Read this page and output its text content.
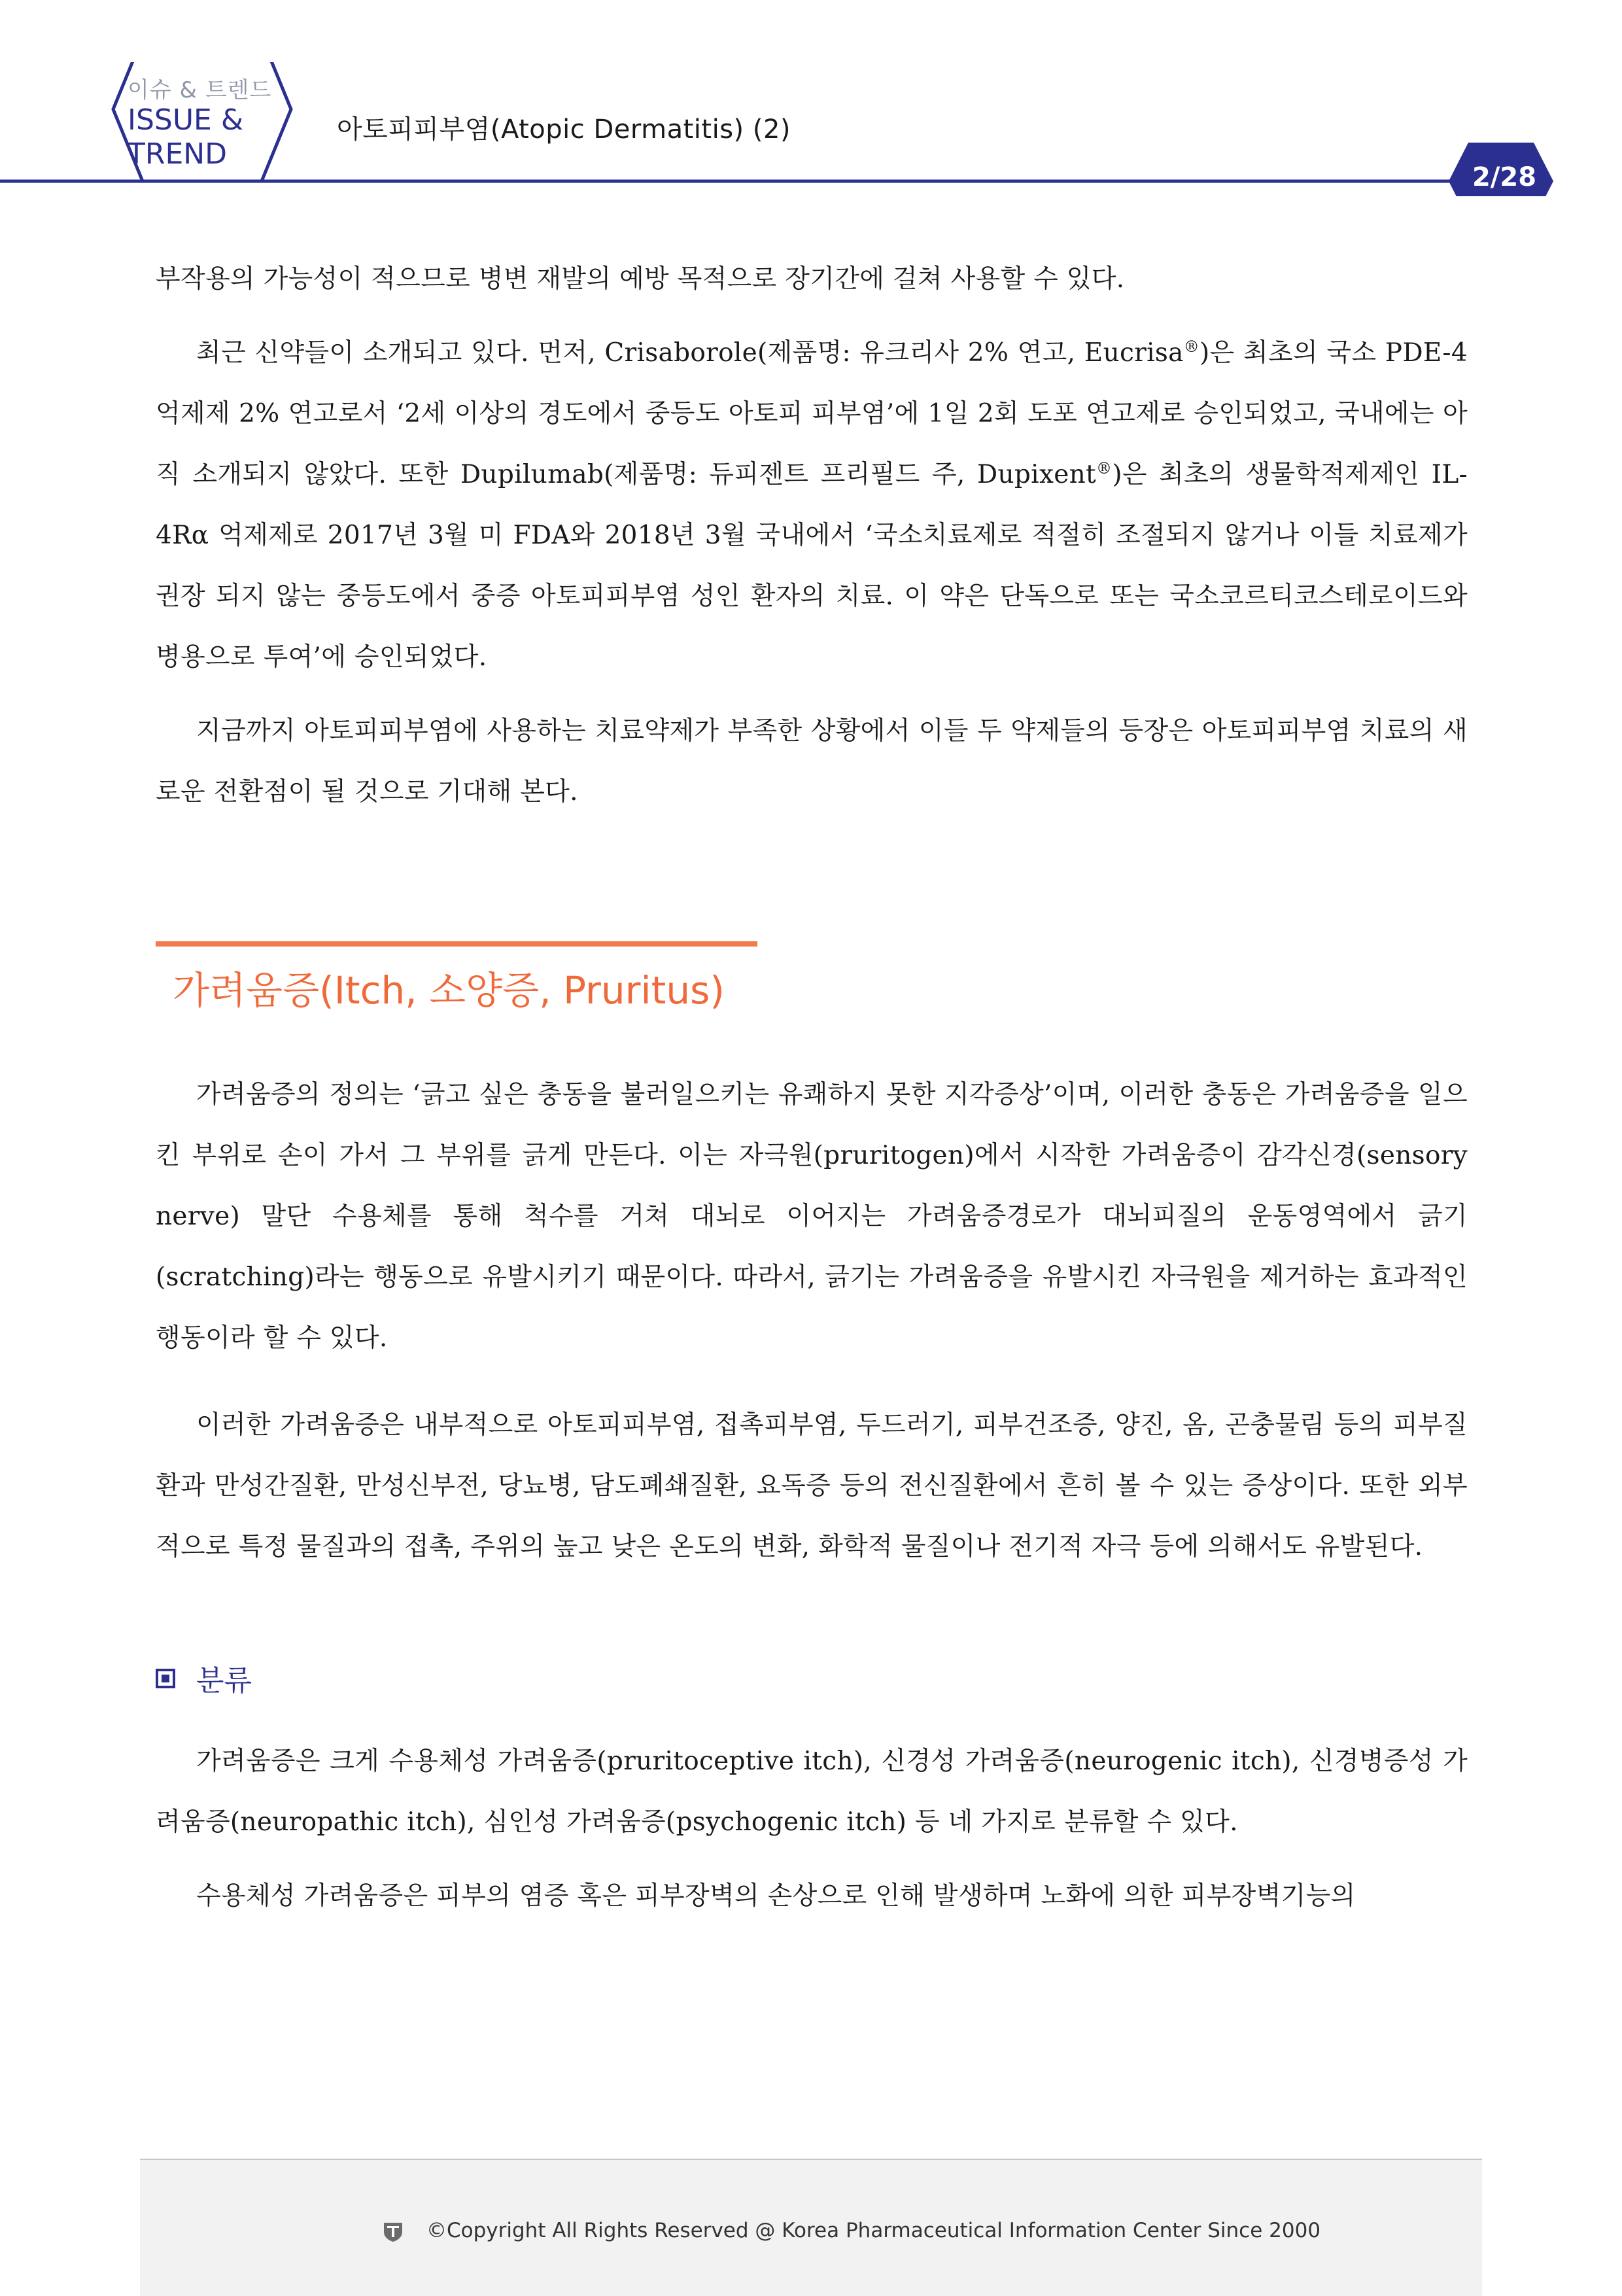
이슈 & 트렌드
ISSUE &
TREND
아토피피부염(Atopic Dermatitis) (2)
2/28

부작용의 가능성이 적으므로 병변 재발의 예방 목적으로 장기간에 걸쳐 사용할 수 있다.

최근 신약들이 소개되고 있다. 먼저, Crisaborole(제품명: 유크리사 2% 연고, Eucrisa®)은 최초의 국소 PDE-4 억제제 2% 연고로서 ‘2세 이상의 경도에서 중등도 아토피 피부염’에 1일 2회 도포 연고제로 승인되었고, 국내에는 아직 소개되지 않았다. 또한 Dupilumab(제품명: 듀피젠트 프리필드 주, Dupixent®)은 최초의 생물학적제제인 IL-4Rα 억제제로 2017년 3월 미 FDA와 2018년 3월 국내에서 ‘국소치료제로 적절히 조절되지 않거나 이들 치료제가 권장 되지 않는 중등도에서 중증 아토피피부염 성인 환자의 치료. 이 약은 단독으로 또는 국소코르티코스테로이드와 병용으로 투여’에 승인되었다.

지금까지 아토피피부염에 사용하는 치료약제가 부족한 상황에서 이들 두 약제들의 등장은 아토피피부염 치료의 새로운 전환점이 될 것으로 기대해 본다.

가려움증(Itch, 소양증, Pruritus)

가려움증의 정의는 ‘긁고 싶은 충동을 불러일으키는 유쾌하지 못한 지각증상’이며, 이러한 충동은 가려움증을 일으킨 부위로 손이 가서 그 부위를 긁게 만든다. 이는 자극원(pruritogen)에서 시작한 가려움증이 감각신경(sensory nerve) 말단 수용체를 통해 척수를 거쳐 대뇌로 이어지는 가려움증경로가 대뇌피질의 운동영역에서 긁기(scratching)라는 행동으로 유발시키기 때문이다. 따라서, 긁기는 가려움증을 유발시킨 자극원을 제거하는 효과적인 행동이라 할 수 있다.

이러한 가려움증은 내부적으로 아토피피부염, 접촉피부염, 두드러기, 피부건조증, 양진, 옴, 곤충물림 등의 피부질환과 만성간질환, 만성신부전, 당뇨병, 담도폐쇄질환, 요독증 등의 전신질환에서 흔히 볼 수 있는 증상이다. 또한 외부적으로 특정 물질과의 접촉, 주위의 높고 낮은 온도의 변화, 화학적 물질이나 전기적 자극 등에 의해서도 유발된다.

분류

가려움증은 크게 수용체성 가려움증(pruritoceptive itch), 신경성 가려움증(neurogenic itch), 신경병증성 가려움증(neuropathic itch), 심인성 가려움증(psychogenic itch) 등 네 가지로 분류할 수 있다.

수용체성 가려움증은 피부의 염증 혹은 피부장벽의 손상으로 인해 발생하며 노화에 의한 피부장벽기능의

©Copyright All Rights Reserved @ Korea Pharmaceutical Information Center Since 2000
